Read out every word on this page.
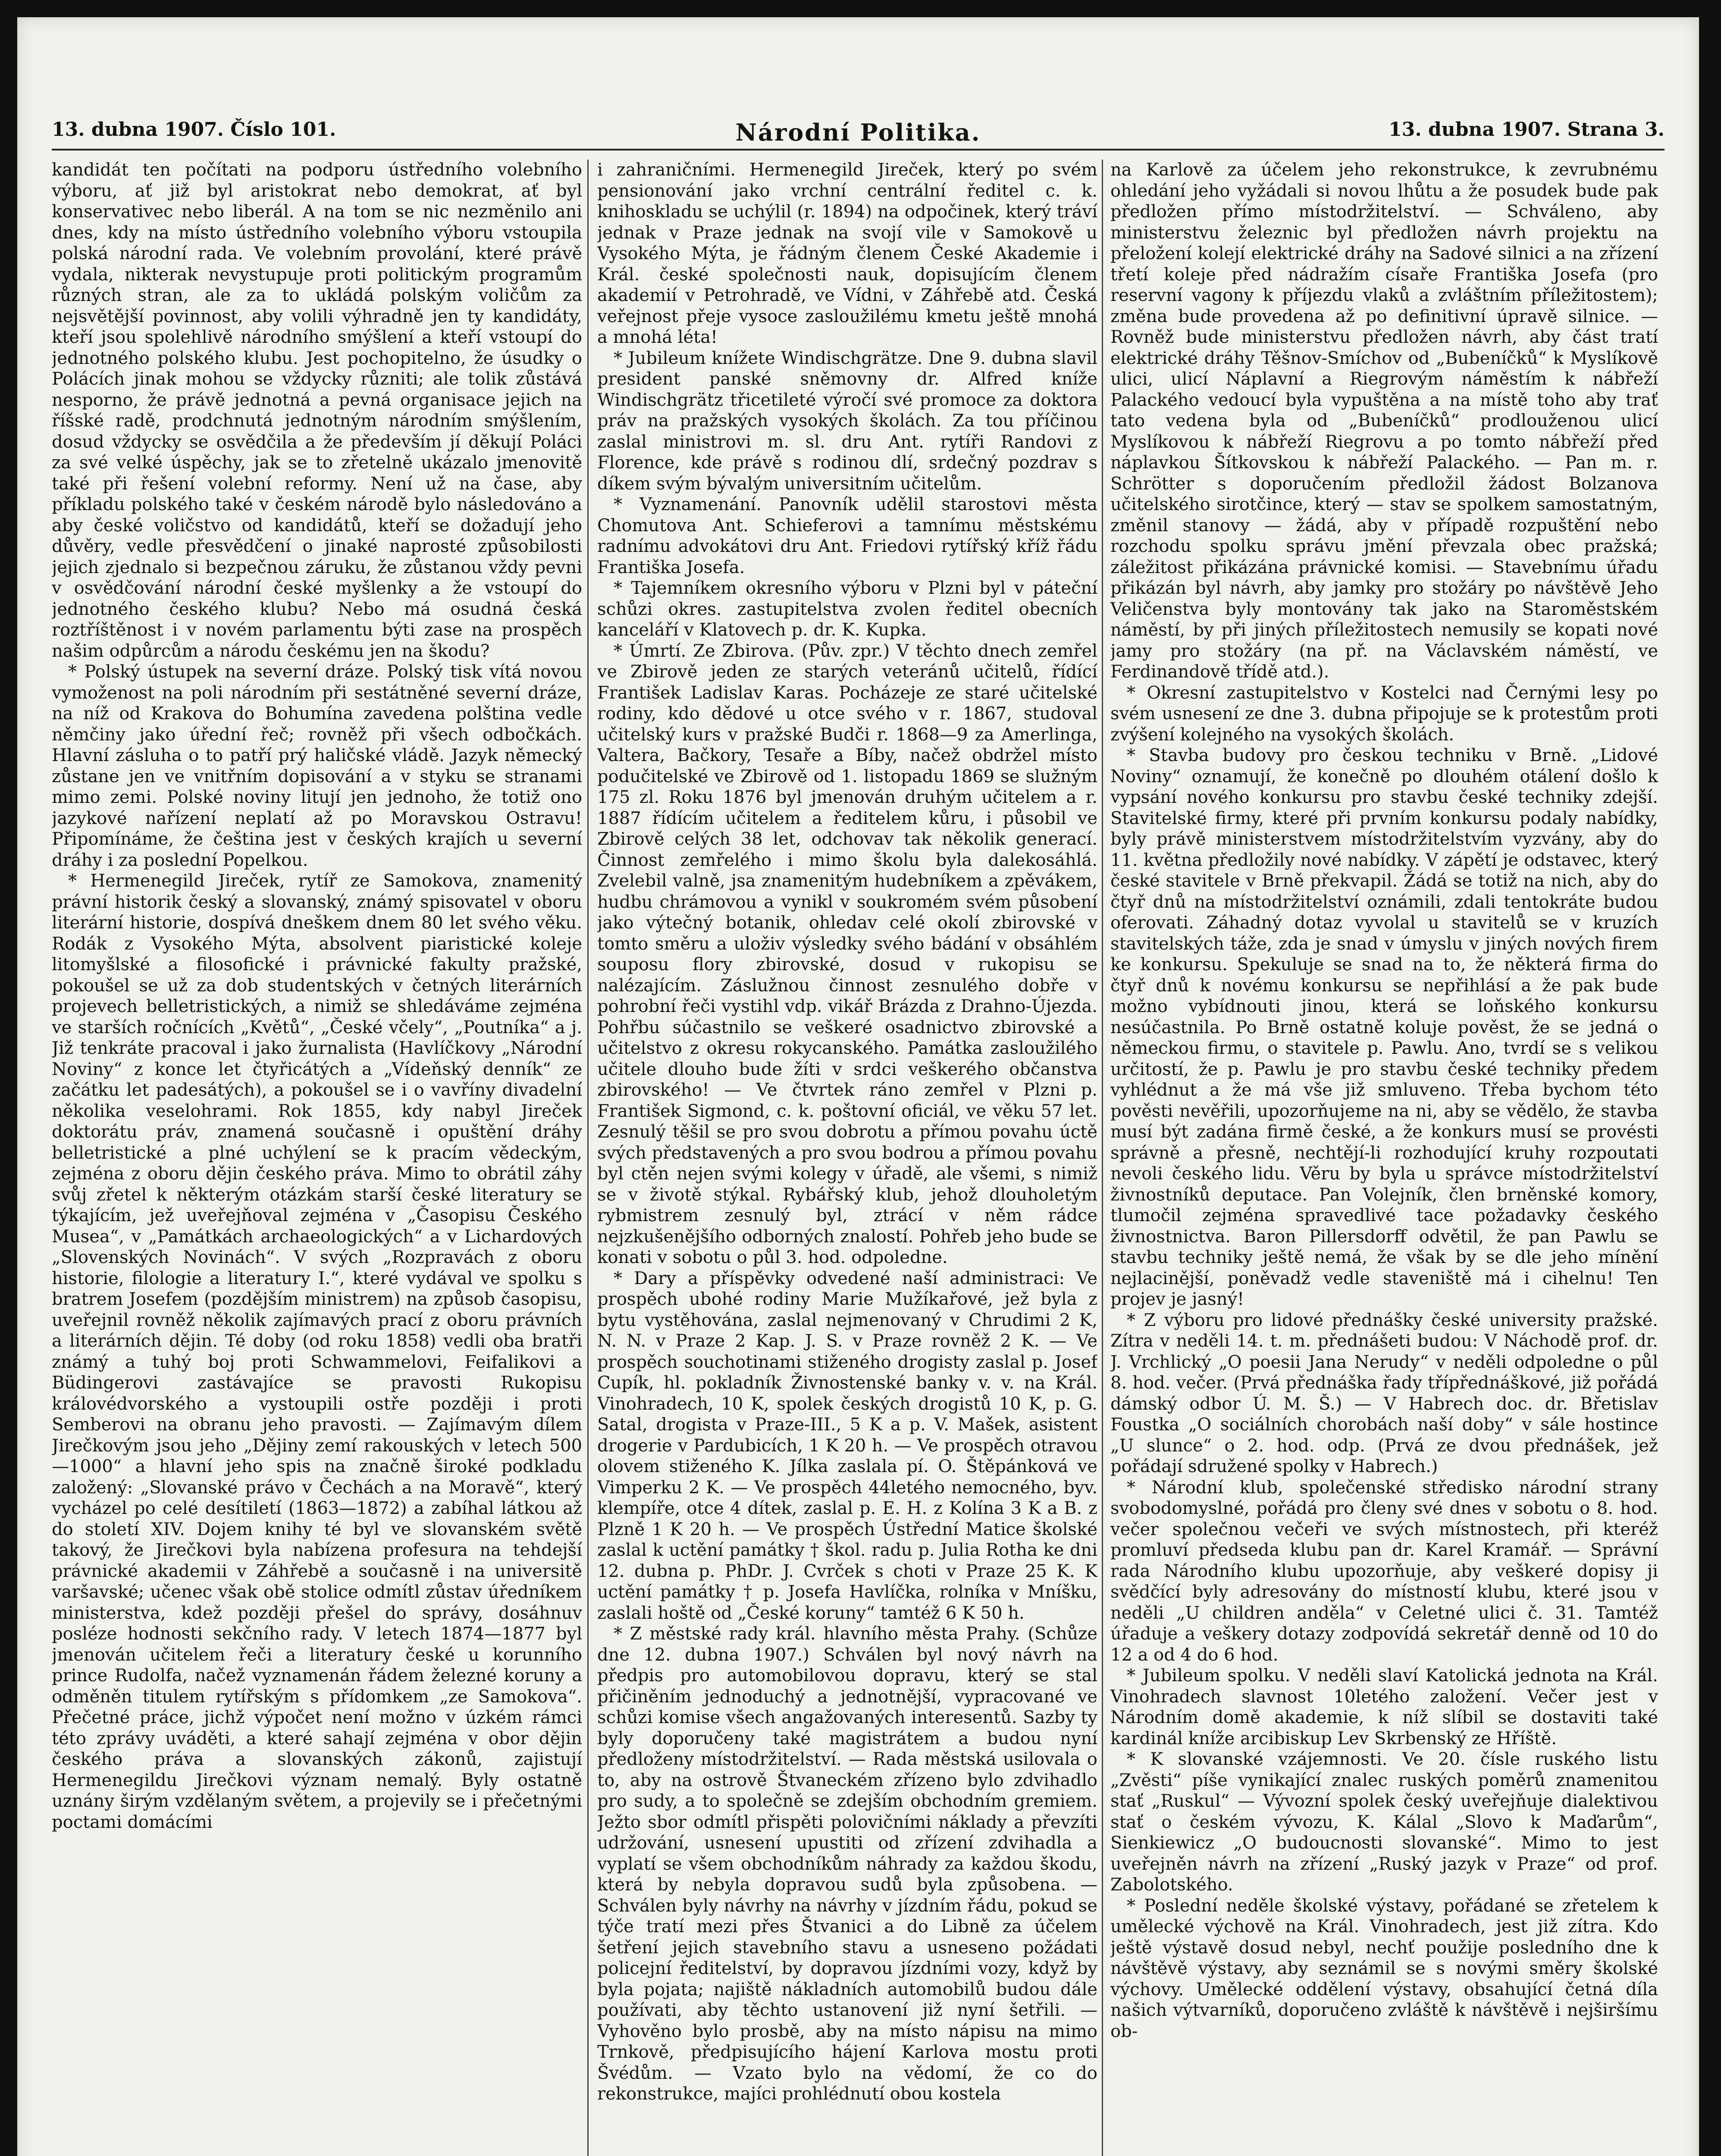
13. dubna 1907. Číslo 101.	Národní Politika.	13. dubna 1907. Strana 3.

kandidát ten počítati na podporu ústředního volebního výboru, ať již byl aristokrat nebo demokrat, ať byl konservativec nebo liberál. A na tom se nic nezměnilo ani dnes, kdy na místo ústředního volebního výboru vstoupila polská národní rada. Ve volebním provolání, které právě vydala, nikterak nevystupuje proti politickým programům různých stran, ale za to ukládá polským voličům za nejsvětější povinnost, aby volili výhradně jen ty kandidáty, kteří jsou spolehlivě národního smýšlení a kteří vstoupí do jednotného polského klubu. Jest pochopitelno, že úsudky o Polácích jinak mohou se vždycky různiti; ale tolik zůstává nesporno, že právě jednotná a pevná organisace jejich na říšské radě, prodchnutá jednotným národním smýšlením, dosud vždycky se osvědčila a že především jí děkují Poláci za své velké úspěchy, jak se to zřetelně ukázalo jmenovitě také při řešení volební reformy. Není už na čase, aby příkladu polského také v českém národě bylo následováno a aby české voličstvo od kandidátů, kteří se dožadují jeho důvěry, vedle přesvědčení o jinaké naprosté způsobilosti jejich zjednalo si bezpečnou záruku, že zůstanou vždy pevni v osvědčování národní české myšlenky a že vstoupí do jednotného českého klubu? Nebo má osudná česká roztříštěnost i v novém parlamentu býti zase na prospěch našim odpůrcům a národu českému jen na škodu?

* Polský ústupek na severní dráze. Polský tisk vítá novou vymoženost na poli národním při sestátněné severní dráze, na níž od Krakova do Bohumína zavedena polština vedle němčiny jako úřední řeč; rovněž při všech odbočkách. Hlavní zásluha o to patří prý haličské vládě. Jazyk německý zůstane jen ve vnitřním dopisování a v styku se stranami mimo zemi. Polské noviny litují jen jednoho, že totiž ono jazykové nařízení neplatí až po Moravskou Ostravu! Připomínáme, že čeština jest v českých krajích u severní dráhy i za poslední Popelkou.

* Hermenegild Jireček, rytíř ze Samokova, znamenitý právní historik český a slovanský, známý spisovatel v oboru literární historie, dospívá dneškem dnem 80 let svého věku. Rodák z Vysokého Mýta, absolvent piaristické koleje litomyšlské a filosofické i právnické fakulty pražské, pokoušel se už za dob studentských v četných literárních projevech belletristických, a nimiž se shledáváme zejména ve starších ročnících „Květů“, „České včely“, „Poutníka“ a j. Již tenkráte pracoval i jako žurnalista (Havlíčkovy „Národní Noviny“ z konce let čtyřicátých a „Vídeňský denník“ ze začátku let padesátých), a pokoušel se i o vavříny divadelní několika veselohrami. Rok 1855, kdy nabyl Jireček doktorátu práv, znamená současně i opuštění dráhy belletristické a plné uchýlení se k pracím vědeckým, zejména z oboru dějin českého práva. Mimo to obrátil záhy svůj zřetel k některým otázkám starší české literatury se týkajícím, jež uveřejňoval zejména v „Časopisu Českého Musea“, v „Památkách archaeologických“ a v Lichardových „Slovenských Novinách“. V svých „Rozpravách z oboru historie, filologie a literatury I.“, které vydával ve spolku s bratrem Josefem (pozdějším ministrem) na způsob časopisu, uveřejnil rovněž několik zajímavých prací z oboru právních a literárních dějin. Té doby (od roku 1858) vedli oba bratři známý a tuhý boj proti Schwammelovi, Feifalikovi a Büdingerovi zastávajíce se pravosti Rukopisu královédvorského a vystoupili ostře později i proti Semberovi na obranu jeho pravosti. — Zajímavým dílem Jirečkovým jsou jeho „Dějiny zemí rakouských v letech 500—1000“ a hlavní jeho spis na značně široké podkladu založený: „Slovanské právo v Čechách a na Moravě“, který vycházel po celé desítiletí (1863—1872) a zabíhal látkou až do století XIV. Dojem knihy té byl ve slovanském světě takový, že Jirečkovi byla nabízena profesura na tehdejší právnické akademii v Záhřebě a současně i na universitě varšavské; učenec však obě stolice odmítl zůstav úředníkem ministerstva, kdež později přešel do správy, dosáhnuv posléze hodnosti sekčního rady. V letech 1874—1877 byl jmenován učitelem řeči a literatury české u korunního prince Rudolfa, načež vyznamenán řádem železné koruny a odměněn titulem rytířským s přídomkem „ze Samokova“. Přečetné práce, jichž výpočet není možno v úzkém rámci této zprávy uváděti, a které sahají zejména v obor dějin českého práva a slovanských zákonů, zajistují Hermenegildu Jirečkovi význam nemalý. Byly ostatně uznány širým vzdělaným světem, a projevily se i přečetnými poctami domácími

i zahraničními. Hermenegild Jireček, který po svém pensionování jako vrchní centrální ředitel c. k. knihoskladu se uchýlil (r. 1894) na odpočinek, který tráví jednak v Praze jednak na svojí vile v Samokově u Vysokého Mýta, je řádným členem České Akademie i Král. české společnosti nauk, dopisujícím členem akademií v Petrohradě, ve Vídni, v Záhřebě atd. Česká veřejnost přeje vysoce zasloužilému kmetu ještě mnohá a mnohá léta!

* Jubileum knížete Windischgrätze. Dne 9. dubna slavil president panské sněmovny dr. Alfred kníže Windischgrätz třicetileté výročí své promoce za doktora práv na pražských vysokých školách. Za tou příčinou zaslal ministrovi m. sl. dru Ant. rytíři Randovi z Florence, kde právě s rodinou dlí, srdečný pozdrav s díkem svým bývalým universitním učitelům.

* Vyznamenání. Panovník udělil starostovi města Chomutova Ant. Schieferovi a tamnímu městskému radnímu advokátovi dru Ant. Friedovi rytířský kříž řádu Františka Josefa.

* Tajemníkem okresního výboru v Plzni byl v páteční schůzi okres. zastupitelstva zvolen ředitel obecních kanceláří v Klatovech p. dr. K. Kupka.

* Úmrtí. Ze Zbirova. (Pův. zpr.) V těchto dnech zemřel ve Zbirově jeden ze starých veteránů učitelů, řídící František Ladislav Karas. Pocházeje ze staré učitelské rodiny, kdo dědové u otce svého v r. 1867, studoval učitelský kurs v pražské Budči r. 1868—9 za Amerlinga, Valtera, Bačkory, Tesaře a Bíby, načež obdržel místo podučitelské ve Zbirově od 1. listopadu 1869 se služným 175 zl. Roku 1876 byl jmenován druhým učitelem a r. 1887 řídícím učitelem a ředitelem kůru, i působil ve Zbirově celých 38 let, odchovav tak několik generací. Činnost zemřelého i mimo školu byla dalekosáhlá. Zvelebil valně, jsa znamenitým hudebníkem a zpěvákem, hudbu chrámovou a vynikl v soukromém svém působení jako výtečný botanik, ohledav celé okolí zbirovské v tomto směru a uloživ výsledky svého bádání v obsáhlém souposu flory zbirovské, dosud v rukopisu se nalézajícím. Záslužnou činnost zesnulého dobře v pohrobní řeči vystihl vdp. vikář Brázda z Drahno-Újezda. Pohřbu súčastnilo se veškeré osadnictvo zbirovské a učitelstvo z okresu rokycanského. Památka zasloužilého učitele dlouho bude žíti v srdci veškerého občanstva zbirovského! — Ve čtvrtek ráno zemřel v Plzni p. František Sigmond, c. k. poštovní oficiál, ve věku 57 let. Zesnulý těšil se pro svou dobrotu a přímou povahu úctě svých představených a pro svou bodrou a přímou povahu byl ctěn nejen svými kolegy v úřadě, ale všemi, s nimiž se v životě stýkal. Rybářský klub, jehož dlouholetým rybmistrem zesnulý byl, ztrácí v něm rádce nejzkušenějšího odborných znalostí. Pohřeb jeho bude se konati v sobotu o půl 3. hod. odpoledne.

* Dary a příspěvky odvedené naší administraci: Ve prospěch ubohé rodiny Marie Mužíkařové, jež byla z bytu vystěhována, zaslal nejmenovaný v Chrudimi 2 K, N. N. v Praze 2 Kap. J. S. v Praze rovněž 2 K. — Ve prospěch souchotinami stiženého drogisty zaslal p. Josef Cupík, hl. pokladník Živnostenské banky v. v. na Král. Vinohradech, 10 K, spolek českých drogistů 10 K, p. G. Satal, drogista v Praze-III., 5 K a p. V. Mašek, asistent drogerie v Pardubicích, 1 K 20 h. — Ve prospěch otravou olovem stiženého K. Jílka zaslala pí. O. Štěpánková ve Vimperku 2 K. — Ve prospěch 44letého nemocného, byv. klempíře, otce 4 dítek, zaslal p. E. H. z Kolína 3 K a B. z Plzně 1 K 20 h. — Ve prospěch Ústřední Matice školské zaslal k uctění památky † škol. radu p. Julia Rotha ke dni 12. dubna p. PhDr. J. Cvrček s choti v Praze 25 K. K uctění památky † p. Josefa Havlíčka, rolníka v Mníšku, zaslali hoště od „České koruny“ tamtéž 6 K 50 h.

* Z městské rady král. hlavního města Prahy. (Schůze dne 12. dubna 1907.) Schválen byl nový návrh na předpis pro automobilovou dopravu, který se stal přičiněním jednoduchý a jednotnější, vypracované ve schůzi komise všech angažovaných interesentů. Sazby ty byly doporučeny také magistrátem a budou nyní předloženy místodržitelství. — Rada městská usilovala o to, aby na ostrově Štvaneckém zřízeno bylo zdvihadlo pro sudy, a to společně se zdejším obchodním gremiem. Ježto sbor odmítl přispěti polovičními náklady a převzíti udržování, usnesení upustiti od zřízení zdvihadla a vyplatí se všem obchodníkům náhrady za každou škodu, která by nebyla dopravou sudů byla způsobena. — Schválen byly návrhy na návrhy v jízdním řádu, pokud se týče tratí mezi přes Štvanici a do Libně za účelem šetření jejich stavebního stavu a usneseno požádati policejní ředitelství, by dopravou jízdními vozy, když by byla pojata; najiště nákladních automobilů budou dále používati, aby těchto ustanovení již nyní šetřili. — Vyhověno bylo prosbě, aby na místo nápisu na mimo Trnkově, předpisujícího hájení Karlova mostu proti Švédům. — Vzato bylo na vědomí, že co do rekonstrukce, majíci prohlédnutí obou kostela

na Karlově za účelem jeho rekonstrukce, k zevrubnému ohledání jeho vyžádali si novou lhůtu a že posudek bude pak předložen přímo místodržitelství. — Schváleno, aby ministerstvu železnic byl předložen návrh projektu na přeložení kolejí elektrické dráhy na Sadové silnici a na zřízení třetí koleje před nádražím císaře Františka Josefa (pro reservní vagony k příjezdu vlaků a zvláštním příležitostem); změna bude provedena až po definitivní úpravě silnice. — Rovněž bude ministerstvu předložen návrh, aby část tratí elektrické dráhy Těšnov-Smíchov od „Bubeníčků“ k Myslíkově ulici, ulicí Náplavní a Riegrovým náměstím k nábřeží Palackého vedoucí byla vypuštěna a na místě toho aby trať tato vedena byla od „Bubeníčků“ prodlouženou ulicí Myslíkovou k nábřeží Riegrovu a po tomto nábřeží před náplavkou Šítkovskou k nábřeží Palackého. — Pan m. r. Schrötter s doporučením předložil žádost Bolzanova učitelského sirotčince, který — stav se spolkem samostatným, změnil stanovy — žádá, aby v případě rozpuštění nebo rozchodu spolku správu jmění převzala obec pražská; záležitost přikázána právnické komisi. — Stavebnímu úřadu přikázán byl návrh, aby jamky pro stožáry po návštěvě Jeho Veličenstva byly montovány tak jako na Staroměstském náměstí, by při jiných příležitostech nemusily se kopati nové jamy pro stožáry (na př. na Václavském náměstí, ve Ferdinandově třídě atd.).

* Okresní zastupitelstvo v Kostelci nad Černými lesy po svém usnesení ze dne 3. dubna připojuje se k protestům proti zvýšení kolejného na vysokých školách.

* Stavba budovy pro českou techniku v Brně. „Lidové Noviny“ oznamují, že konečně po dlouhém otálení došlo k vypsání nového konkursu pro stavbu české techniky zdejší. Stavitelské firmy, které při prvním konkursu podaly nabídky, byly právě ministerstvem místodržitelstvím vyzvány, aby do 11. května předložily nové nabídky. V zápětí je odstavec, který české stavitele v Brně překvapil. Žádá se totiž na nich, aby do čtyř dnů na místodržitelství oznámili, zdali tentokráte budou oferovati. Záhadný dotaz vyvolal u stavitelů se v kruzích stavitelských táže, zda je snad v úmyslu v jiných nových firem ke konkursu. Spekuluje se snad na to, že některá firma do čtyř dnů k novému konkursu se nepřihlásí a že pak bude možno vybídnouti jinou, která se loňského konkursu nesúčastnila. Po Brně ostatně koluje pověst, že se jedná o německou firmu, o stavitele p. Pawlu. Ano, tvrdí se s velikou určitostí, že p. Pawlu je pro stavbu české techniky předem vyhlédnut a že má vše již smluveno. Třeba bychom této pověsti nevěřili, upozorňujeme na ni, aby se vědělo, že stavba musí být zadána firmě české, a že konkurs musí se provésti správně a přesně, nechtějí-li rozhodující kruhy rozpoutati nevoli českého lidu. Věru by byla u správce místodržitelství živnostníků deputace. Pan Volejník, člen brněnské komory, tlumočil zejména spravedlivé tace požadavky českého živnostnictva. Baron Pillersdorff odvětil, že pan Pawlu se stavbu techniky ještě nemá, že však by se dle jeho mínění nejlacinější, poněvadž vedle staveniště má i cihelnu! Ten projev je jasný!

* Z výboru pro lidové přednášky české university pražské. Zítra v neděli 14. t. m. přednášeti budou: V Náchodě prof. dr. J. Vrchlický „O poesii Jana Nerudy“ v neděli odpoledne o půl 8. hod. večer. (Prvá přednáška řady třípřednáškové, již pořádá dámský odbor Ú. M. Š.) — V Habrech doc. dr. Břetislav Foustka „O sociálních chorobách naší doby“ v sále hostince „U slunce“ o 2. hod. odp. (Prvá ze dvou přednášek, jež pořádají sdružené spolky v Habrech.)

* Národní klub, společenské středisko národní strany svobodomyslné, pořádá pro členy své dnes v sobotu o 8. hod. večer společnou večeři ve svých místnostech, při kteréž promluví předseda klubu pan dr. Karel Kramář. — Správní rada Národního klubu upozorňuje, aby veškeré dopisy ji svědčící byly adresovány do místností klubu, které jsou v neděli „U children anděla“ v Celetné ulici č. 31. Tamtéž úřaduje a veškery dotazy zodpovídá sekretář denně od 10 do 12 a od 4 do 6 hod.

* Jubileum spolku. V neděli slaví Katolická jednota na Král. Vinohradech slavnost 10letého založení. Večer jest v Národním domě akademie, k níž slíbil se dostaviti také kardinál kníže arcibiskup Lev Skrbenský ze Hříště.

* K slovanské vzájemnosti. Ve 20. čísle ruského listu „Zvěsti“ píše vynikající znalec ruských poměrů znamenitou stať „Ruskul“ — Vývozní spolek český uveřejňuje dialektivou stať o českém vývozu, K. Kálal „Slovo k Maďarům“, Sienkiewicz „O budoucnosti slovanské“. Mimo to jest uveřejněn návrh na zřízení „Ruský jazyk v Praze“ od prof. Zabolotského.

* Poslední neděle školské výstavy, pořádané se zřetelem k umělecké výchově na Král. Vinohradech, jest již zítra. Kdo ještě výstavě dosud nebyl, nechť použije posledního dne k návštěvě výstavy, aby seznámil se s novými směry školské výchovy. Umělecké oddělení výstavy, obsahující četná díla našich výtvarníků, doporučeno zvláště k návštěvě i nejširšímu ob-
